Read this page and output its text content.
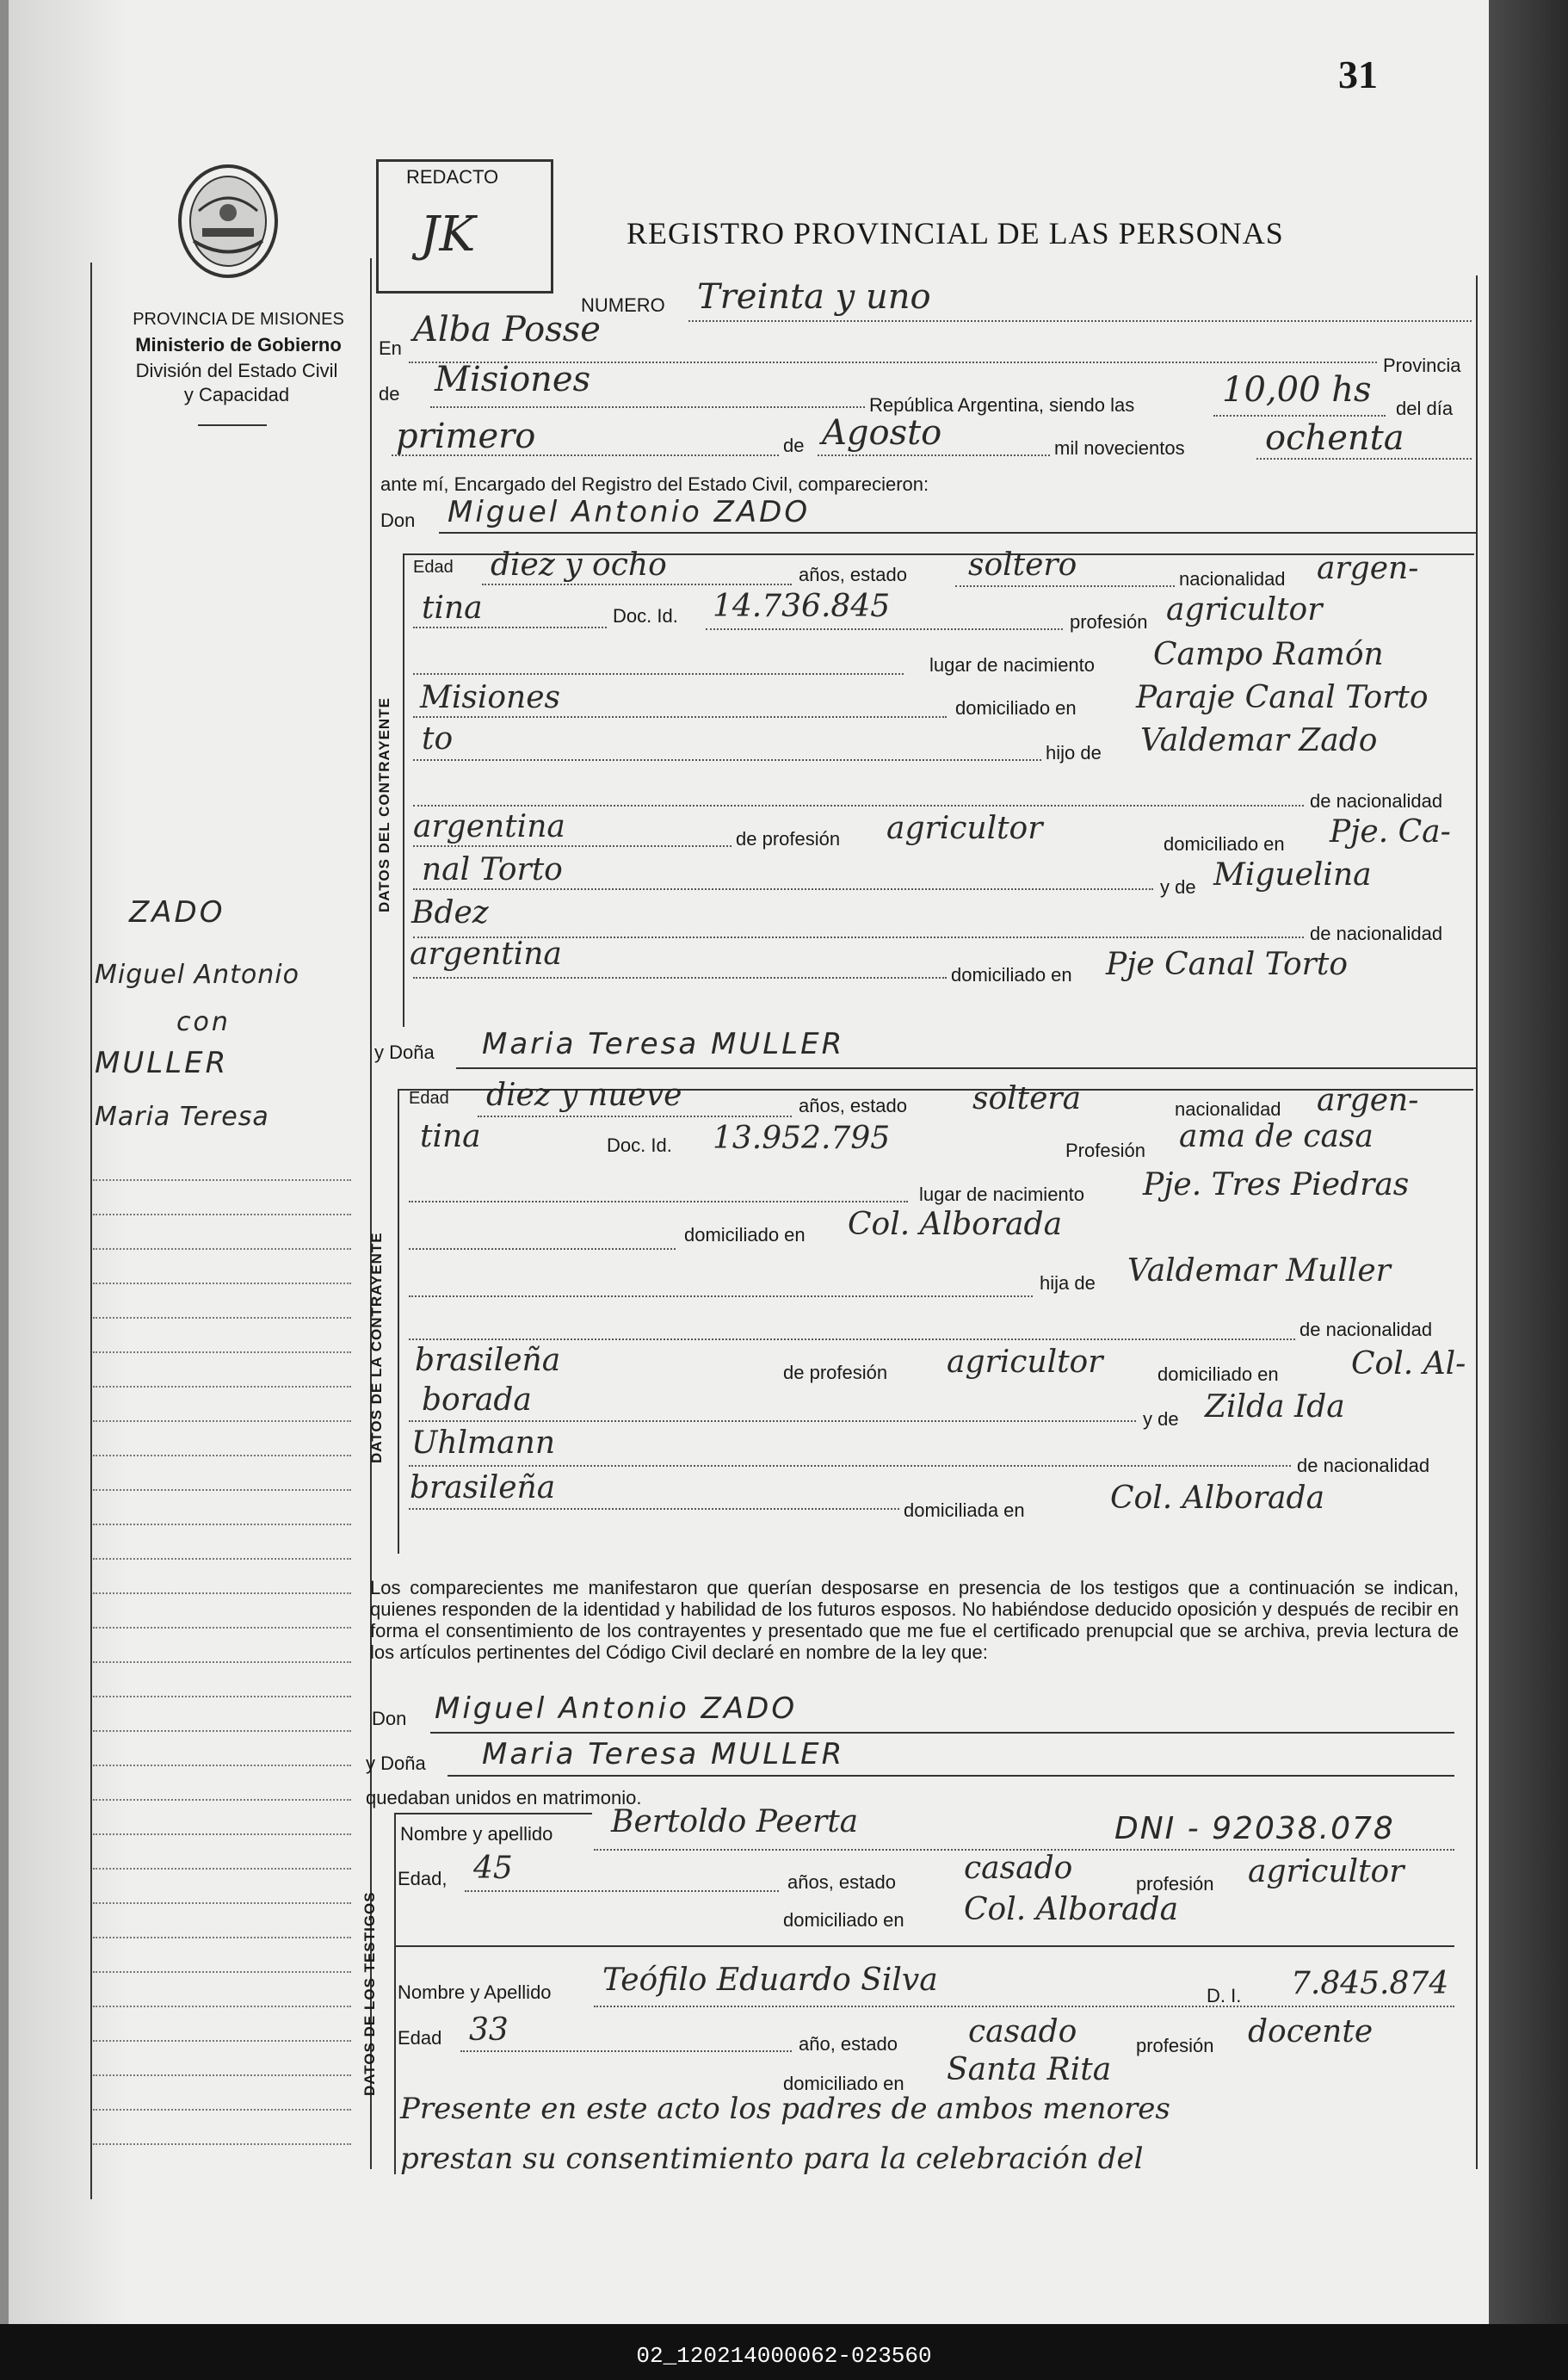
31
PROVINCIA DE MISIONES
Ministerio de Gobierno
División del Estado Civil
y Capacidad
ZADO
Miguel Antonio
con
MULLER
Maria Teresa
REDACTO
JK	REGISTRO PROVINCIAL DE LAS PERSONAS
NUMERO Treinta y uno
En Alba Posse
Provincia
de Misiones
República Argentina, siendo las	10,00 hs del día
primero	de Agosto	mil novecientos ochenta
ante mí, Encargado del Registro del Estado Civil, comparecieron:
Don Miguel Antonio ZADO
DATOS DEL CONTRAYENTE
Edad diez y ocho	años, estado soltero	nacionalidad argen-
tina	Doc. Id. 14.736.845	profesión agricultor
lugar de nacimiento Campo Ramón
Misiones	domiciliado en Paraje Canal Torto
to	hijo de Valdemar Zado
de nacionalidad
argentina	de profesión agricultor	domiciliado en Pje. Ca-
nal Torto	y de Miguelina
Bdez
de nacionalidad
argentina
domiciliado en Pje Canal Torto
y Doña Maria Teresa MULLER
DATOS DE LA CONTRAYENTE
Edad diez y nueve	años, estado soltera	nacionalidad argen-
tina	Doc. Id. 13.952.795	Profesión ama de casa
lugar de nacimiento Pje. Tres Piedras
domiciliado en Col. Alborada
hija de Valdemar Muller
de nacionalidad
brasileña	de profesión agricultor	domiciliado en Col. Al-
borada
y de Zilda Ida
Uhlmann
de nacionalidad
brasileña
domiciliada en	Col. Alborada
Los comparecientes me manifestaron que querían desposarse en presencia de los testigos que a continuación se indican, quienes responden de la identidad y habilidad de los futuros esposos. No habiéndose deducido oposición y después de recibir en forma el consentimiento de los contrayentes y presentado que me fue el certificado prenupcial que se archiva, previa lectura de los artículos pertinentes del Código Civil declaré en nombre de la ley que:
Don Miguel Antonio ZADO
y Doña Maria Teresa MULLER
quedaban unidos en matrimonio.
DATOS DE LOS TESTIGOS
Nombre y apellido Bertoldo Peerta	DNI - 92038.078
Edad, 45	años, estado casado	profesión agricultor
domiciliado en Col. Alborada
Nombre y Apellido Teófilo Eduardo Silva	D. I. 7.845.874
Edad 33	año, estado casado	profesión docente
domiciliado en Santa Rita
Presente en este acto los padres de ambos menores
prestan su consentimiento para la celebración del
02_120214000062-023560
